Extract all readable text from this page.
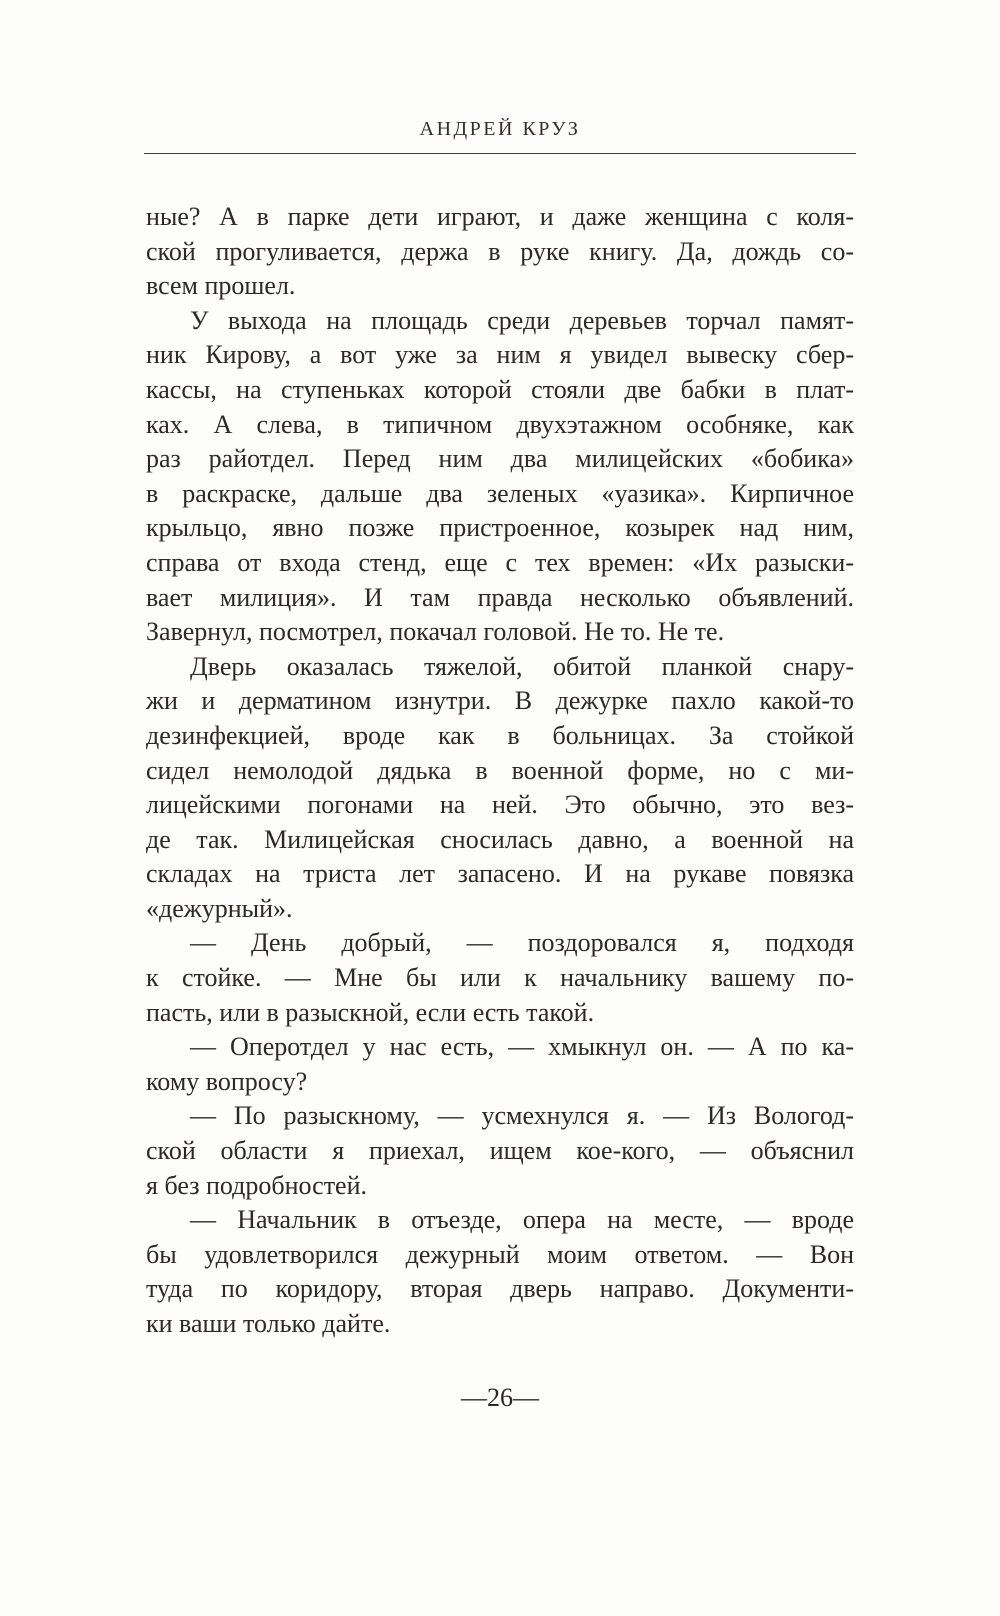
АНДРЕЙ КРУЗ
ные? А в парке дети играют, и даже женщина с коля-
ской прогуливается, держа в руке книгу. Да, дождь со-
всем прошел.
У выхода на площадь среди деревьев торчал памят-
ник Кирову, а вот уже за ним я увидел вывеску сбер-
кассы, на ступеньках которой стояли две бабки в плат-
ках. А слева, в типичном двухэтажном особняке, как
раз райотдел. Перед ним два милицейских «бобика»
в раскраске, дальше два зеленых «уазика». Кирпичное
крыльцо, явно позже пристроенное, козырек над ним,
справа от входа стенд, еще с тех времен: «Их разыски-
вает милиция». И там правда несколько объявлений.
Завернул, посмотрел, покачал головой. Не то. Не те.
Дверь оказалась тяжелой, обитой планкой снару-
жи и дерматином изнутри. В дежурке пахло какой-то
дезинфекцией, вроде как в больницах. За стойкой
сидел немолодой дядька в военной форме, но с ми-
лицейскими погонами на ней. Это обычно, это вез-
де так. Милицейская сносилась давно, а военной на
складах на триста лет запасено. И на рукаве повязка
«дежурный».
— День добрый, — поздоровался я, подходя
к стойке. — Мне бы или к начальнику вашему по-
пасть, или в разыскной, если есть такой.
— Оперотдел у нас есть, — хмыкнул он. — А по ка-
кому вопросу?
— По разыскному, — усмехнулся я. — Из Вологод-
ской области я приехал, ищем кое-кого, — объяснил
я без подробностей.
— Начальник в отъезде, опера на месте, — вроде
бы удовлетворился дежурный моим ответом. — Вон
туда по коридору, вторая дверь направо. Документи-
ки ваши только дайте.
—26—
